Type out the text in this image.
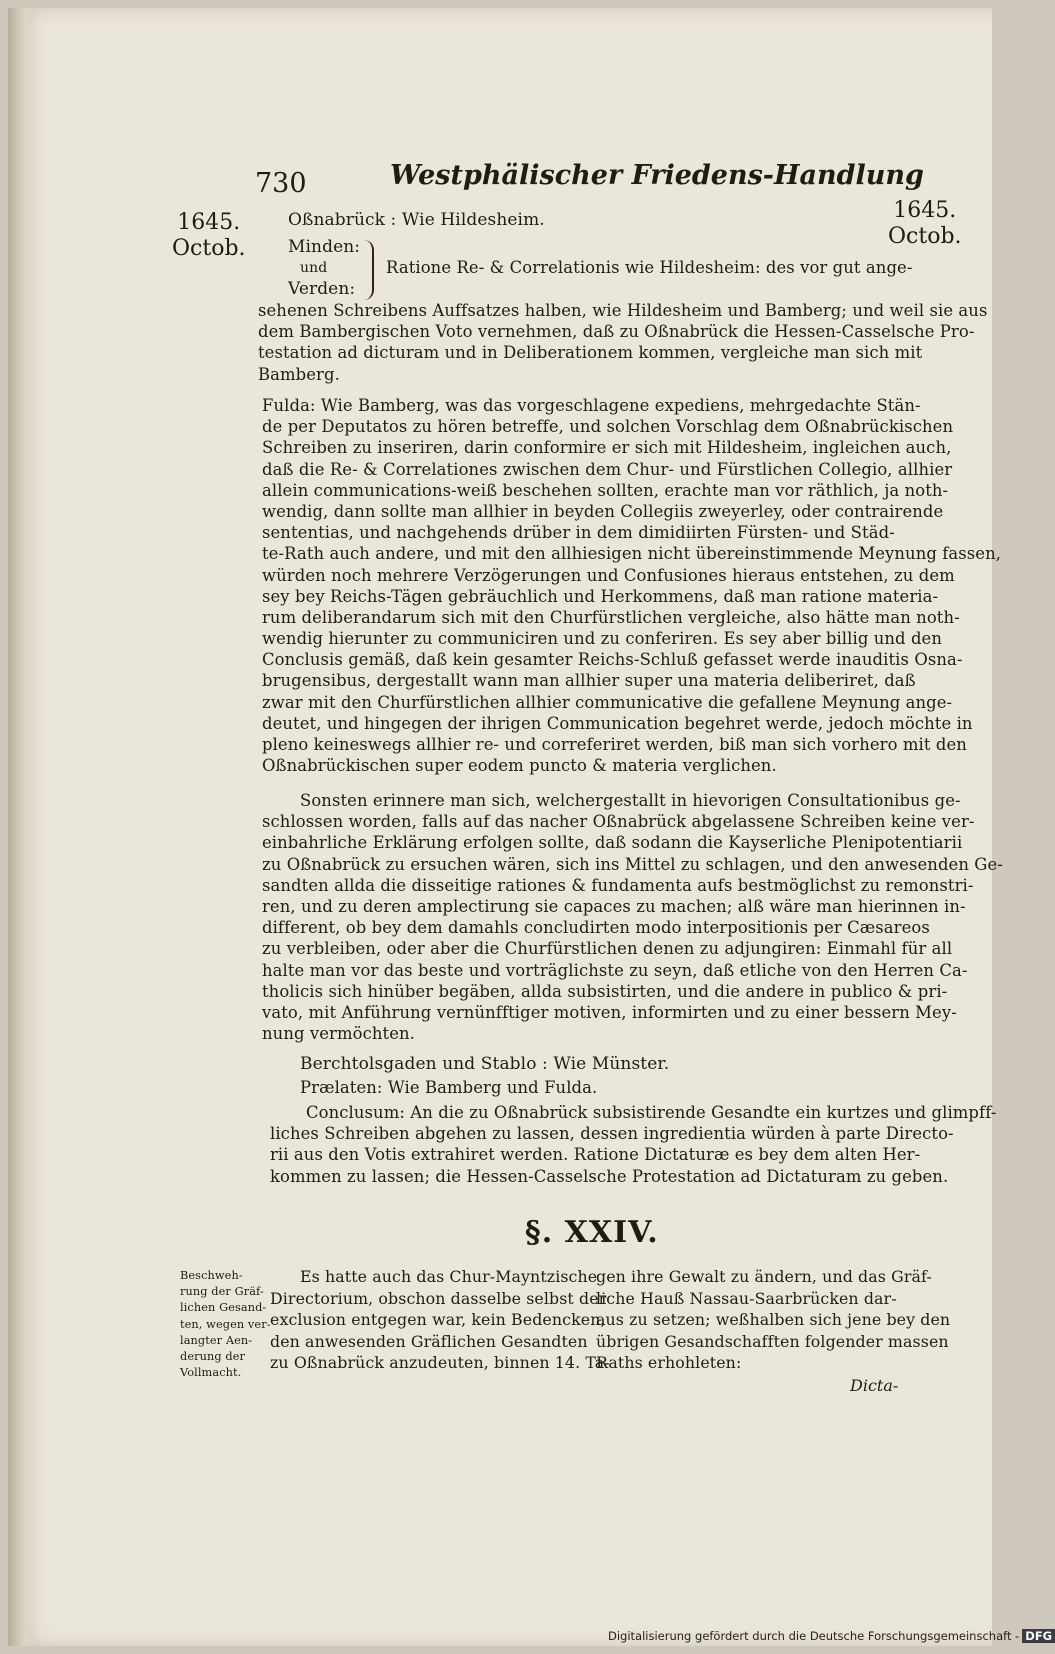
730	Westphälischer Friedens-Handlung
1645.
Octob.
1645.
Octob.
Oßnabrück : Wie Hildesheim.
Minden:
und
Verden:
Ratione Re- & Correlationis wie Hildesheim: des vor gut ange-
sehenen Schreibens Auffsatzes halben, wie Hildesheim und Bamberg; und weil sie aus
dem Bambergischen Voto vernehmen, daß zu Oßnabrück die Hessen-Casselsche Pro-
testation ad dicturam und in Deliberationem kommen, vergleiche man sich mit
Bamberg.
Fulda: Wie Bamberg, was das vorgeschlagene expediens, mehrgedachte Stän-
de per Deputatos zu hören betreffe, und solchen Vorschlag dem Oßnabrückischen
Schreiben zu inseriren, darin conformire er sich mit Hildesheim, ingleichen auch,
daß die Re- & Correlationes zwischen dem Chur- und Fürstlichen Collegio, allhier
allein communications-weiß beschehen sollten, erachte man vor räthlich, ja noth-
wendig, dann sollte man allhier in beyden Collegiis zweyerley, oder contrairende
sententias, und nachgehends drüber in dem dimidiirten Fürsten- und Städ-
te-Rath auch andere, und mit den allhiesigen nicht übereinstimmende Meynung fassen,
würden noch mehrere Verzögerungen und Confusiones hieraus entstehen, zu dem
sey bey Reichs-Tägen gebräuchlich und Herkommens, daß man ratione materia-
rum deliberandarum sich mit den Churfürstlichen vergleiche, also hätte man noth-
wendig hierunter zu communiciren und zu conferiren. Es sey aber billig und den
Conclusis gemäß, daß kein gesamter Reichs-Schluß gefasset werde inauditis Osna-
brugensibus, dergestallt wann man allhier super una materia deliberiret, daß
zwar mit den Churfürstlichen allhier communicative die gefallene Meynung ange-
deutet, und hingegen der ihrigen Communication begehret werde, jedoch möchte in
pleno keineswegs allhier re- und correferiret werden, biß man sich vorhero mit den
Oßnabrückischen super eodem puncto & materia verglichen.
Sonsten erinnere man sich, welchergestallt in hievorigen Consultationibus ge-
schlossen worden, falls auf das nacher Oßnabrück abgelassene Schreiben keine ver-
einbahrliche Erklärung erfolgen sollte, daß sodann die Kayserliche Plenipotentiarii
zu Oßnabrück zu ersuchen wären, sich ins Mittel zu schlagen, und den anwesenden Ge-
sandten allda die disseitige rationes & fundamenta aufs bestmöglichst zu remonstri-
ren, und zu deren amplectirung sie capaces zu machen; alß wäre man hierinnen in-
different, ob bey dem damahls concludirten modo interpositionis per Cæsareos
zu verbleiben, oder aber die Churfürstlichen denen zu adjungiren: Einmahl für all
halte man vor das beste und vorträglichste zu seyn, daß etliche von den Herren Ca-
tholicis sich hinüber begäben, allda subsistirten, und die andere in publico & pri-
vato, mit Anführung vernünfftiger motiven, informirten und zu einer bessern Mey-
nung vermöchten.
Berchtolsgaden und Stablo : Wie Münster.
Prælaten: Wie Bamberg und Fulda.
Conclusum: An die zu Oßnabrück subsistirende Gesandte ein kurtzes und glimpff-
liches Schreiben abgehen zu lassen, dessen ingredientia würden à parte Directo-
rii aus den Votis extrahiret werden. Ratione Dictaturæ es bey dem alten Her-
kommen zu lassen; die Hessen-Casselsche Protestation ad Dictaturam zu geben.
§. XXIV.
Beschweh-
rung der Gräf-
lichen Gesand-
ten, wegen ver-
langter Aen-
derung der
Vollmacht.
Es hatte auch das Chur-Mayntzische
Directorium, obschon dasselbe selbst der
exclusion entgegen war, kein Bedencken,
den anwesenden Gräflichen Gesandten
zu Oßnabrück anzudeuten, binnen 14. Ta-
gen ihre Gewalt zu ändern, und das Gräf-
liche Hauß Nassau-Saarbrücken dar-
aus zu setzen; weßhalben sich jene bey den
übrigen Gesandschafften folgender massen
Raths erhohleten:
Dicta-
Digitalisierung gefördert durch die Deutsche Forschungsgemeinschaft - DFG
